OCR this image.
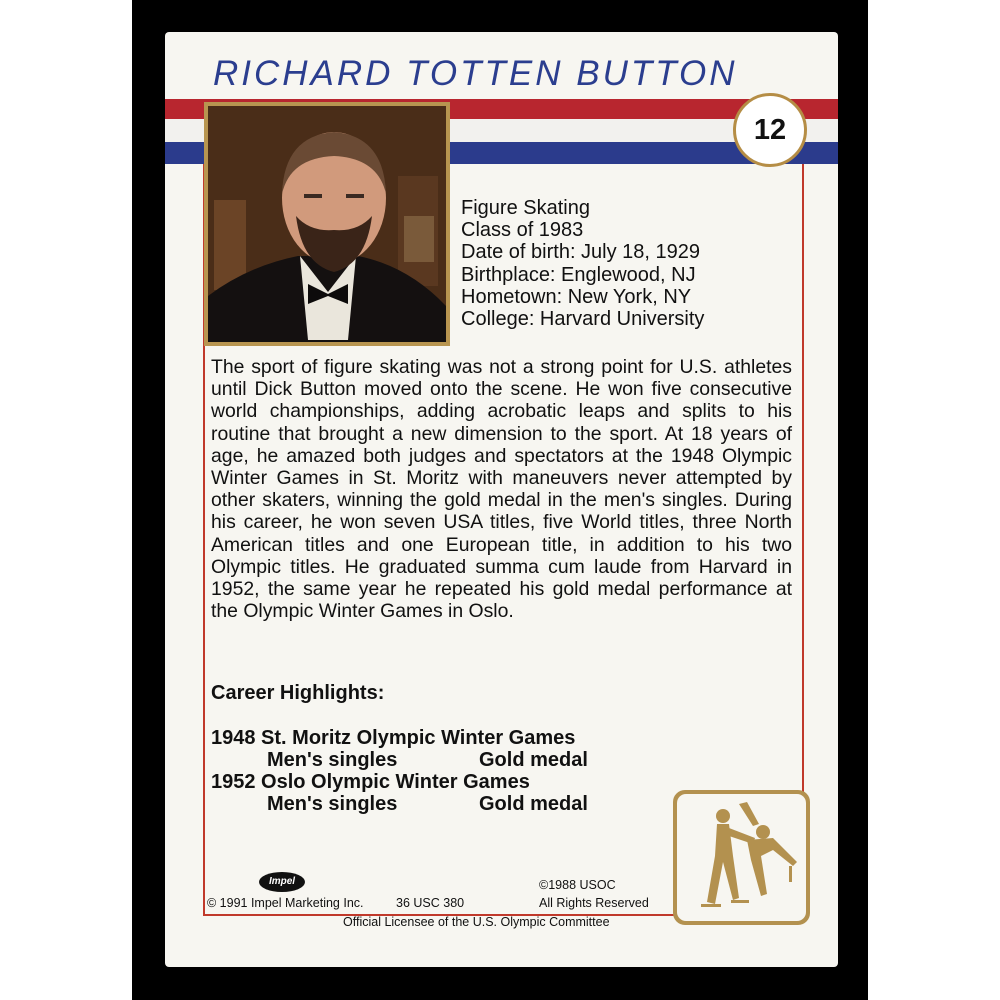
RICHARD TOTTEN BUTTON
12
Figure Skating
Class of 1983
Date of birth: July 18, 1929
Birthplace: Englewood, NJ
Hometown: New York, NY
College: Harvard University

The sport of figure skating was not a strong point for U.S. athletes until Dick Button moved onto the scene. He won five consecutive world championships, adding acrobatic leaps and splits to his routine that brought a new dimension to the sport. At 18 years of age, he amazed both judges and spectators at the 1948 Olympic Winter Games in St. Moritz with maneuvers never attempted by other skaters, winning the gold medal in the men's singles. During his career, he won seven USA titles, five World titles, three North American titles and one European title, in addition to his two Olympic titles. He graduated summa cum laude from Harvard in 1952, the same year he repeated his gold medal performance at the Olympic Winter Games in Oslo.

Career Highlights:

1948 St. Moritz Olympic Winter Games
Men's singles	Gold medal
1952 Oslo Olympic Winter Games
Men's singles	Gold medal
Impel
© 1991 Impel Marketing Inc.	36 USC 380
©1988 USOC
All Rights Reserved
Official Licensee of the U.S. Olympic Committee
